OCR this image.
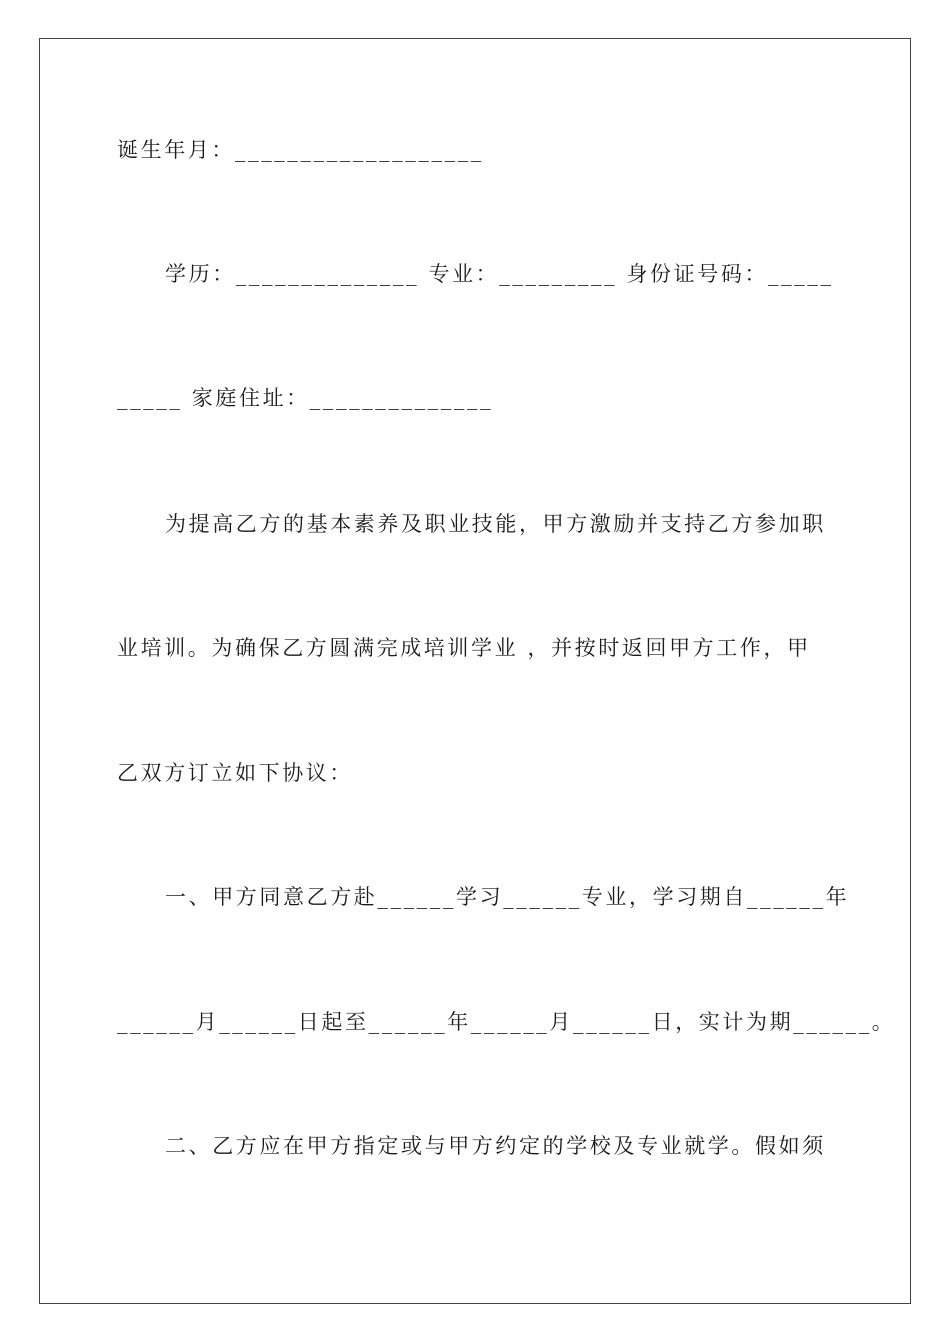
诞生年月：___________________
学历：______________ 专业：_________ 身份证号码：_____
_____ 家庭住址：______________
为提高乙方的基本素养及职业技能，甲方激励并支持乙方参加职
业培训。为确保乙方圆满完成培训学业 ，并按时返回甲方工作，甲
乙双方订立如下协议：
一、甲方同意乙方赴______学习______专业，学习期自______年
______月______日起至______年______月______日，实计为期______。
二、乙方应在甲方指定或与甲方约定的学校及专业就学。假如须
